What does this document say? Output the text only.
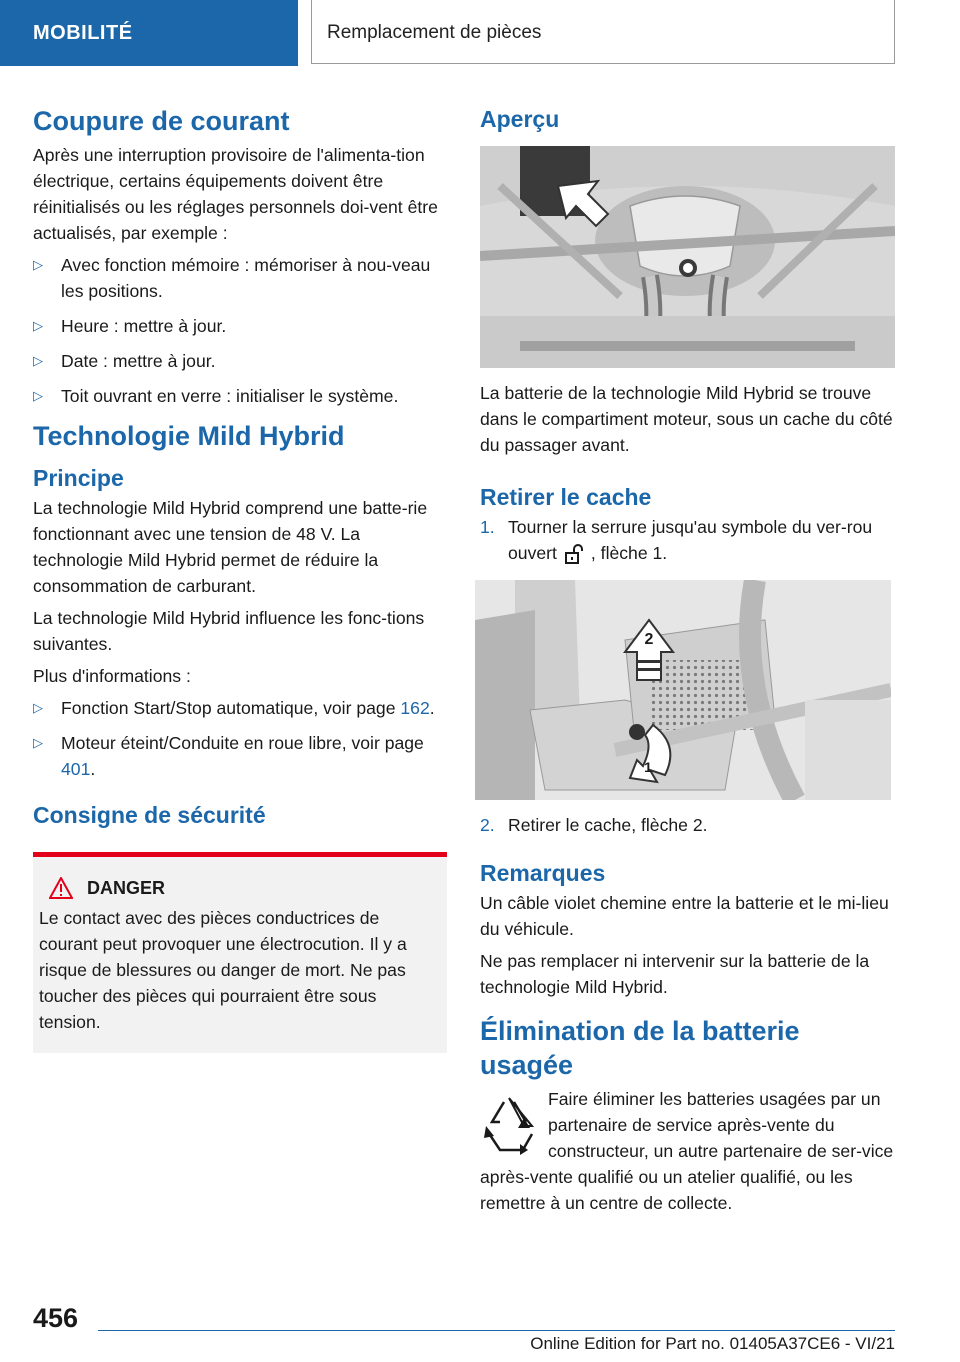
MOBILITÉ	Remplacement de pièces
Coupure de courant

Après une interruption provisoire de l'alimenta-tion électrique, certains équipements doivent être réinitialisés ou les réglages personnels doi-vent être actualisés, par exemple :

▷ Avec fonction mémoire : mémoriser à nou-veau les positions.
▷ Heure : mettre à jour.
▷ Date : mettre à jour.
▷ Toit ouvrant en verre : initialiser le système.
Technologie Mild Hybrid
Principe

La technologie Mild Hybrid comprend une batte-rie fonctionnant avec une tension de 48 V. La technologie Mild Hybrid permet de réduire la consommation de carburant.

La technologie Mild Hybrid influence les fonc-tions suivantes.

Plus d'informations :

▷ Fonction Start/Stop automatique, voir page 162.
▷ Moteur éteint/Conduite en roue libre, voir page 401.
Consigne de sécurité
DANGER

Le contact avec des pièces conductrices de courant peut provoquer une électrocution. Il y a risque de blessures ou danger de mort. Ne pas toucher des pièces qui pourraient être sous tension.

Aperçu

La batterie de la technologie Mild Hybrid se trouve dans le compartiment moteur, sous un cache du côté du passager avant.

Retirer le cache
1. Tourner la serrure jusqu'au symbole du ver-rou ouvert , flèche 1.
2
1
2. Retirer le cache, flèche 2.
Remarques

Un câble violet chemine entre la batterie et le mi-lieu du véhicule.

Ne pas remplacer ni intervenir sur la batterie de la technologie Mild Hybrid.

Élimination de la batterie usagée

Faire éliminer les batteries usagées par un partenaire de service après-vente du constructeur, un autre partenaire de ser-vice après-vente qualifié ou un atelier qualifié, ou les remettre à un centre de collecte.

456
Online Edition for Part no. 01405A37CE6 - VI/21
